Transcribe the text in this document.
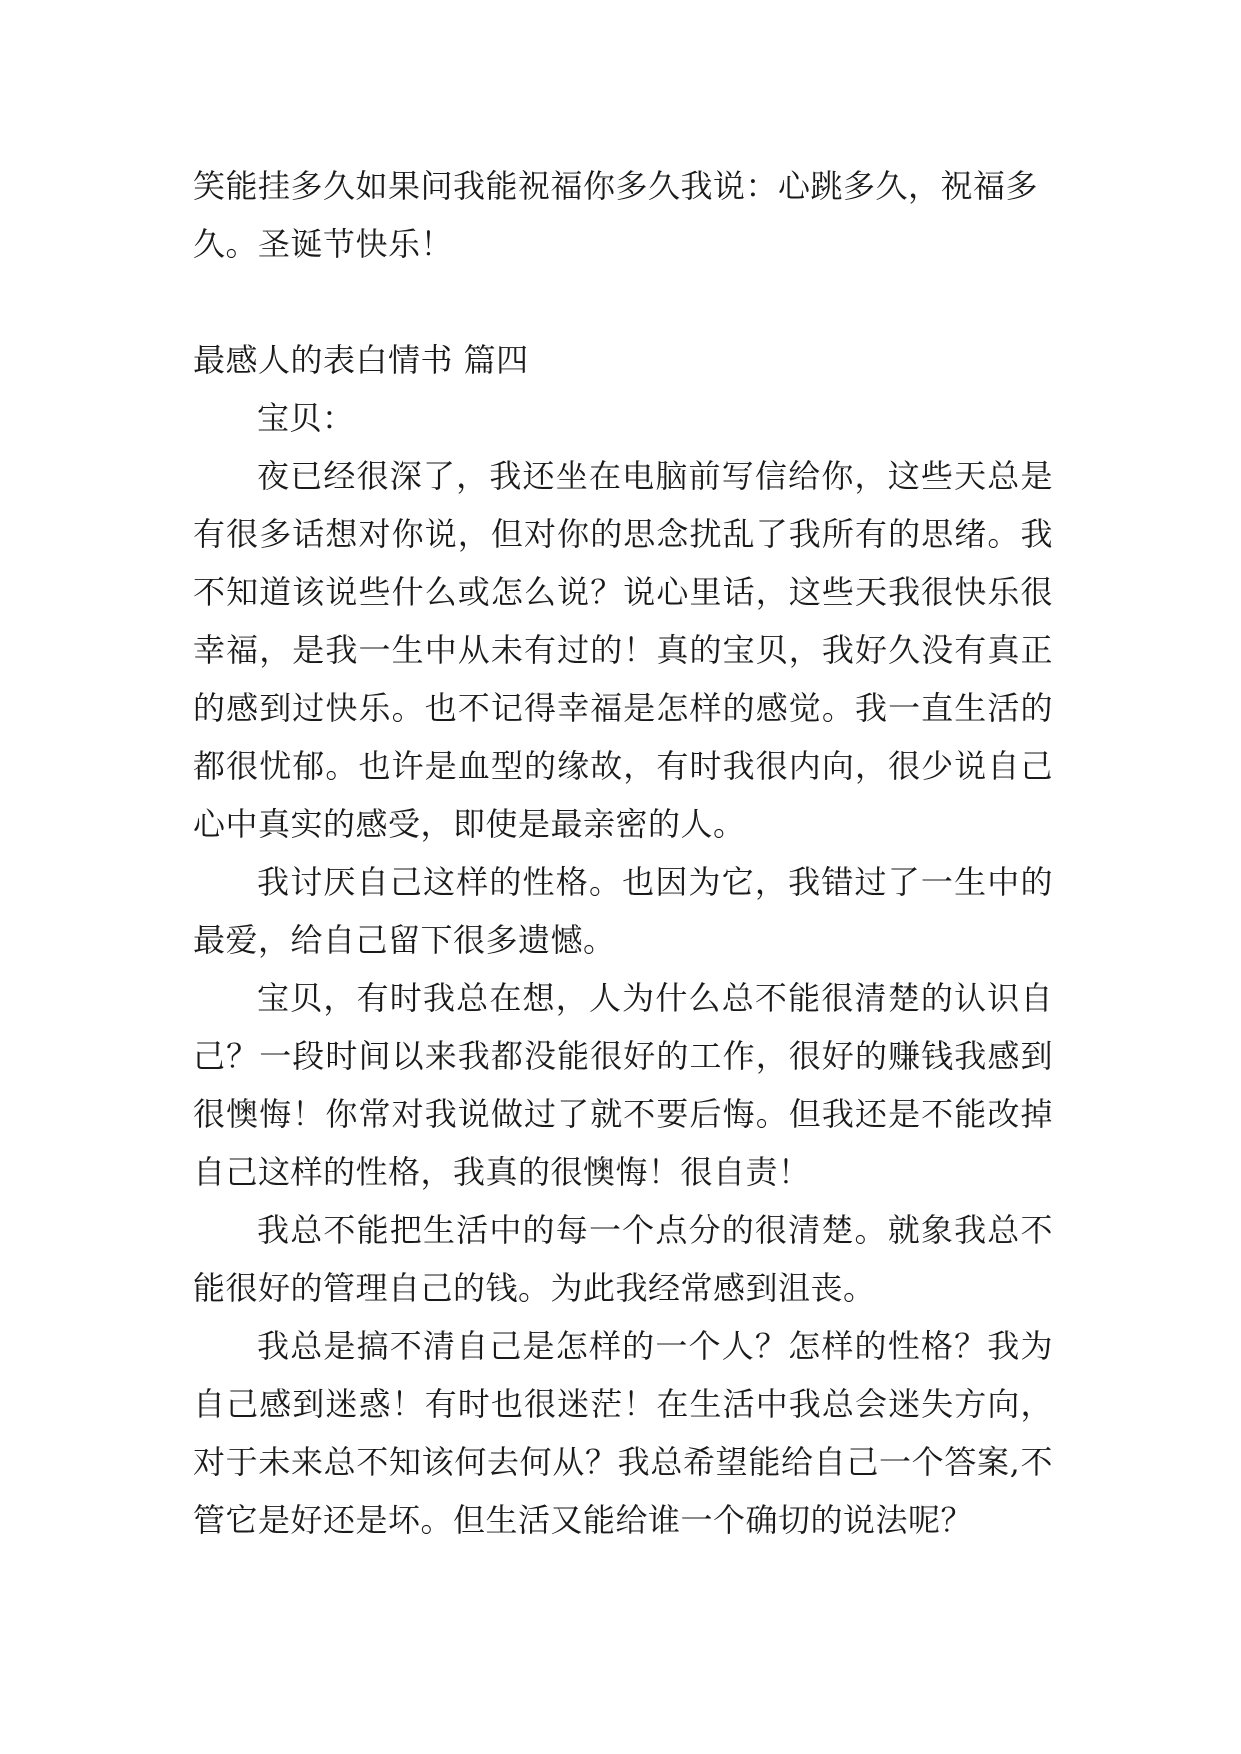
笑能挂多久如果问我能祝福你多久我说：心跳多久，祝福多久。圣诞节快乐！
最感人的表白情书 篇四

宝贝：

夜已经很深了，我还坐在电脑前写信给你，这些天总是有很多话想对你说，但对你的思念扰乱了我所有的思绪。我不知道该说些什么或怎么说？说心里话，这些天我很快乐很幸福，是我一生中从未有过的！真的宝贝，我好久没有真正的感到过快乐。也不记得幸福是怎样的感觉。我一直生活的都很忧郁。也许是血型的缘故，有时我很内向，很少说自己心中真实的感受，即使是最亲密的人。

我讨厌自己这样的性格。也因为它，我错过了一生中的最爱，给自己留下很多遗憾。

宝贝，有时我总在想，人为什么总不能很清楚的认识自己？一段时间以来我都没能很好的工作，很好的赚钱我感到很懊悔！你常对我说做过了就不要后悔。但我还是不能改掉自己这样的性格，我真的很懊悔！很自责！

我总不能把生活中的每一个点分的很清楚。就象我总不能很好的管理自己的钱。为此我经常感到沮丧。

我总是搞不清自己是怎样的一个人？怎样的性格？我为自己感到迷惑！有时也很迷茫！在生活中我总会迷失方向，对于未来总不知该何去何从？我总希望能给自己一个答案,不管它是好还是坏。但生活又能给谁一个确切的说法呢？
